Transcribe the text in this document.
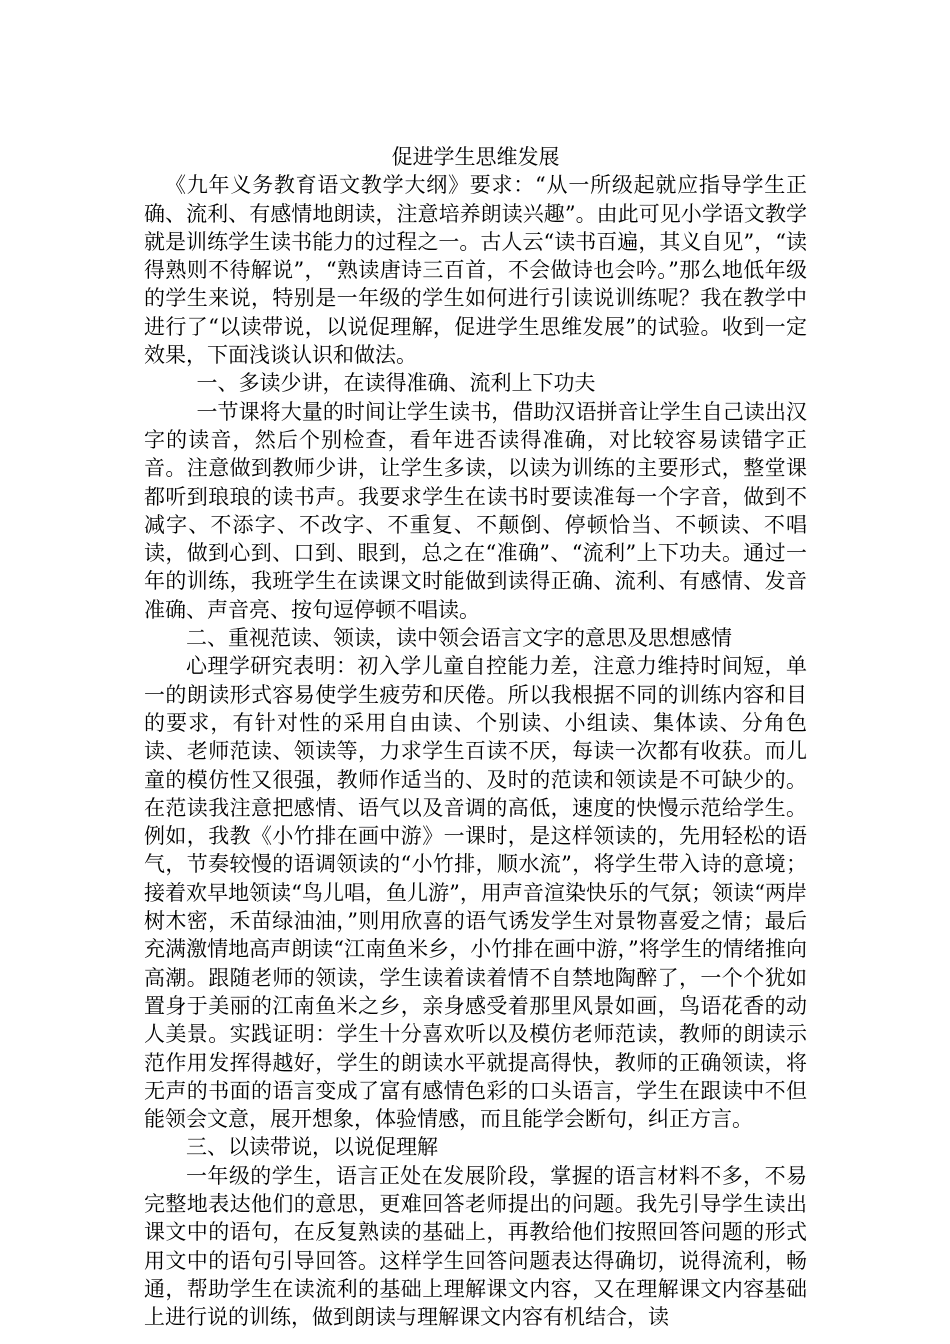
促进学生思维发展

《九年义务教育语文教学大纲》要求：“从一所级起就应指导学生正确、流利、有感情地朗读，注意培养朗读兴趣”。由此可见小学语文教学就是训练学生读书能力的过程之一。古人云“读书百遍，其义自见”，“读得熟则不待解说”，“熟读唐诗三百首，不会做诗也会吟。”那么地低年级的学生来说，特别是一年级的学生如何进行引读说训练呢？我在教学中进行了“以读带说，以说促理解，促进学生思维发展”的试验。收到一定效果，下面浅谈认识和做法。

一、多读少讲，在读得准确、流利上下功夫

一节课将大量的时间让学生读书，借助汉语拼音让学生自己读出汉字的读音，然后个别检查，看年进否读得准确，对比较容易读错字正音。注意做到教师少讲，让学生多读，以读为训练的主要形式，整堂课都听到琅琅的读书声。我要求学生在读书时要读准每一个字音，做到不减字、不添字、不改字、不重复、不颠倒、停顿恰当、不顿读、不唱读，做到心到、口到、眼到，总之在“准确”、“流利”上下功夫。通过一年的训练，我班学生在读课文时能做到读得正确、流利、有感情、发音准确、声音亮、按句逗停顿不唱读。

二、重视范读、领读，读中领会语言文字的意思及思想感情

心理学研究表明：初入学儿童自控能力差，注意力维持时间短，单一的朗读形式容易使学生疲劳和厌倦。所以我根据不同的训练内容和目的要求，有针对性的采用自由读、个别读、小组读、集体读、分角色读、老师范读、领读等，力求学生百读不厌，每读一次都有收获。而儿童的模仿性又很强，教师作适当的、及时的范读和领读是不可缺少的。在范读我注意把感情、语气以及音调的高低，速度的快慢示范给学生。例如，我教《小竹排在画中游》一课时，是这样领读的，先用轻松的语气，节奏较慢的语调领读的“小竹排，顺水流”，将学生带入诗的意境；接着欢早地领读“鸟儿唱，鱼儿游”，用声音渲染快乐的气氛；领读“两岸树木密，禾苗绿油油，”则用欣喜的语气诱发学生对景物喜爱之情；最后充满激情地高声朗读“江南鱼米乡，小竹排在画中游，”将学生的情绪推向高潮。跟随老师的领读，学生读着读着情不自禁地陶醉了，一个个犹如置身于美丽的江南鱼米之乡，亲身感受着那里风景如画，鸟语花香的动人美景。实践证明：学生十分喜欢听以及模仿老师范读，教师的朗读示范作用发挥得越好，学生的朗读水平就提高得快，教师的正确领读，将无声的书面的语言变成了富有感情色彩的口头语言，学生在跟读中不但能领会文意，展开想象，体验情感，而且能学会断句，纠正方言。

三、以读带说，以说促理解

一年级的学生，语言正处在发展阶段，掌握的语言材料不多，不易完整地表达他们的意思，更难回答老师提出的问题。我先引导学生读出课文中的语句，在反复熟读的基础上，再教给他们按照回答问题的形式用文中的语句引导回答。这样学生回答问题表达得确切，说得流利，畅通，帮助学生在读流利的基础上理解课文内容，又在理解课文内容基础上进行说的训练，做到朗读与理解课文内容有机结合，读
